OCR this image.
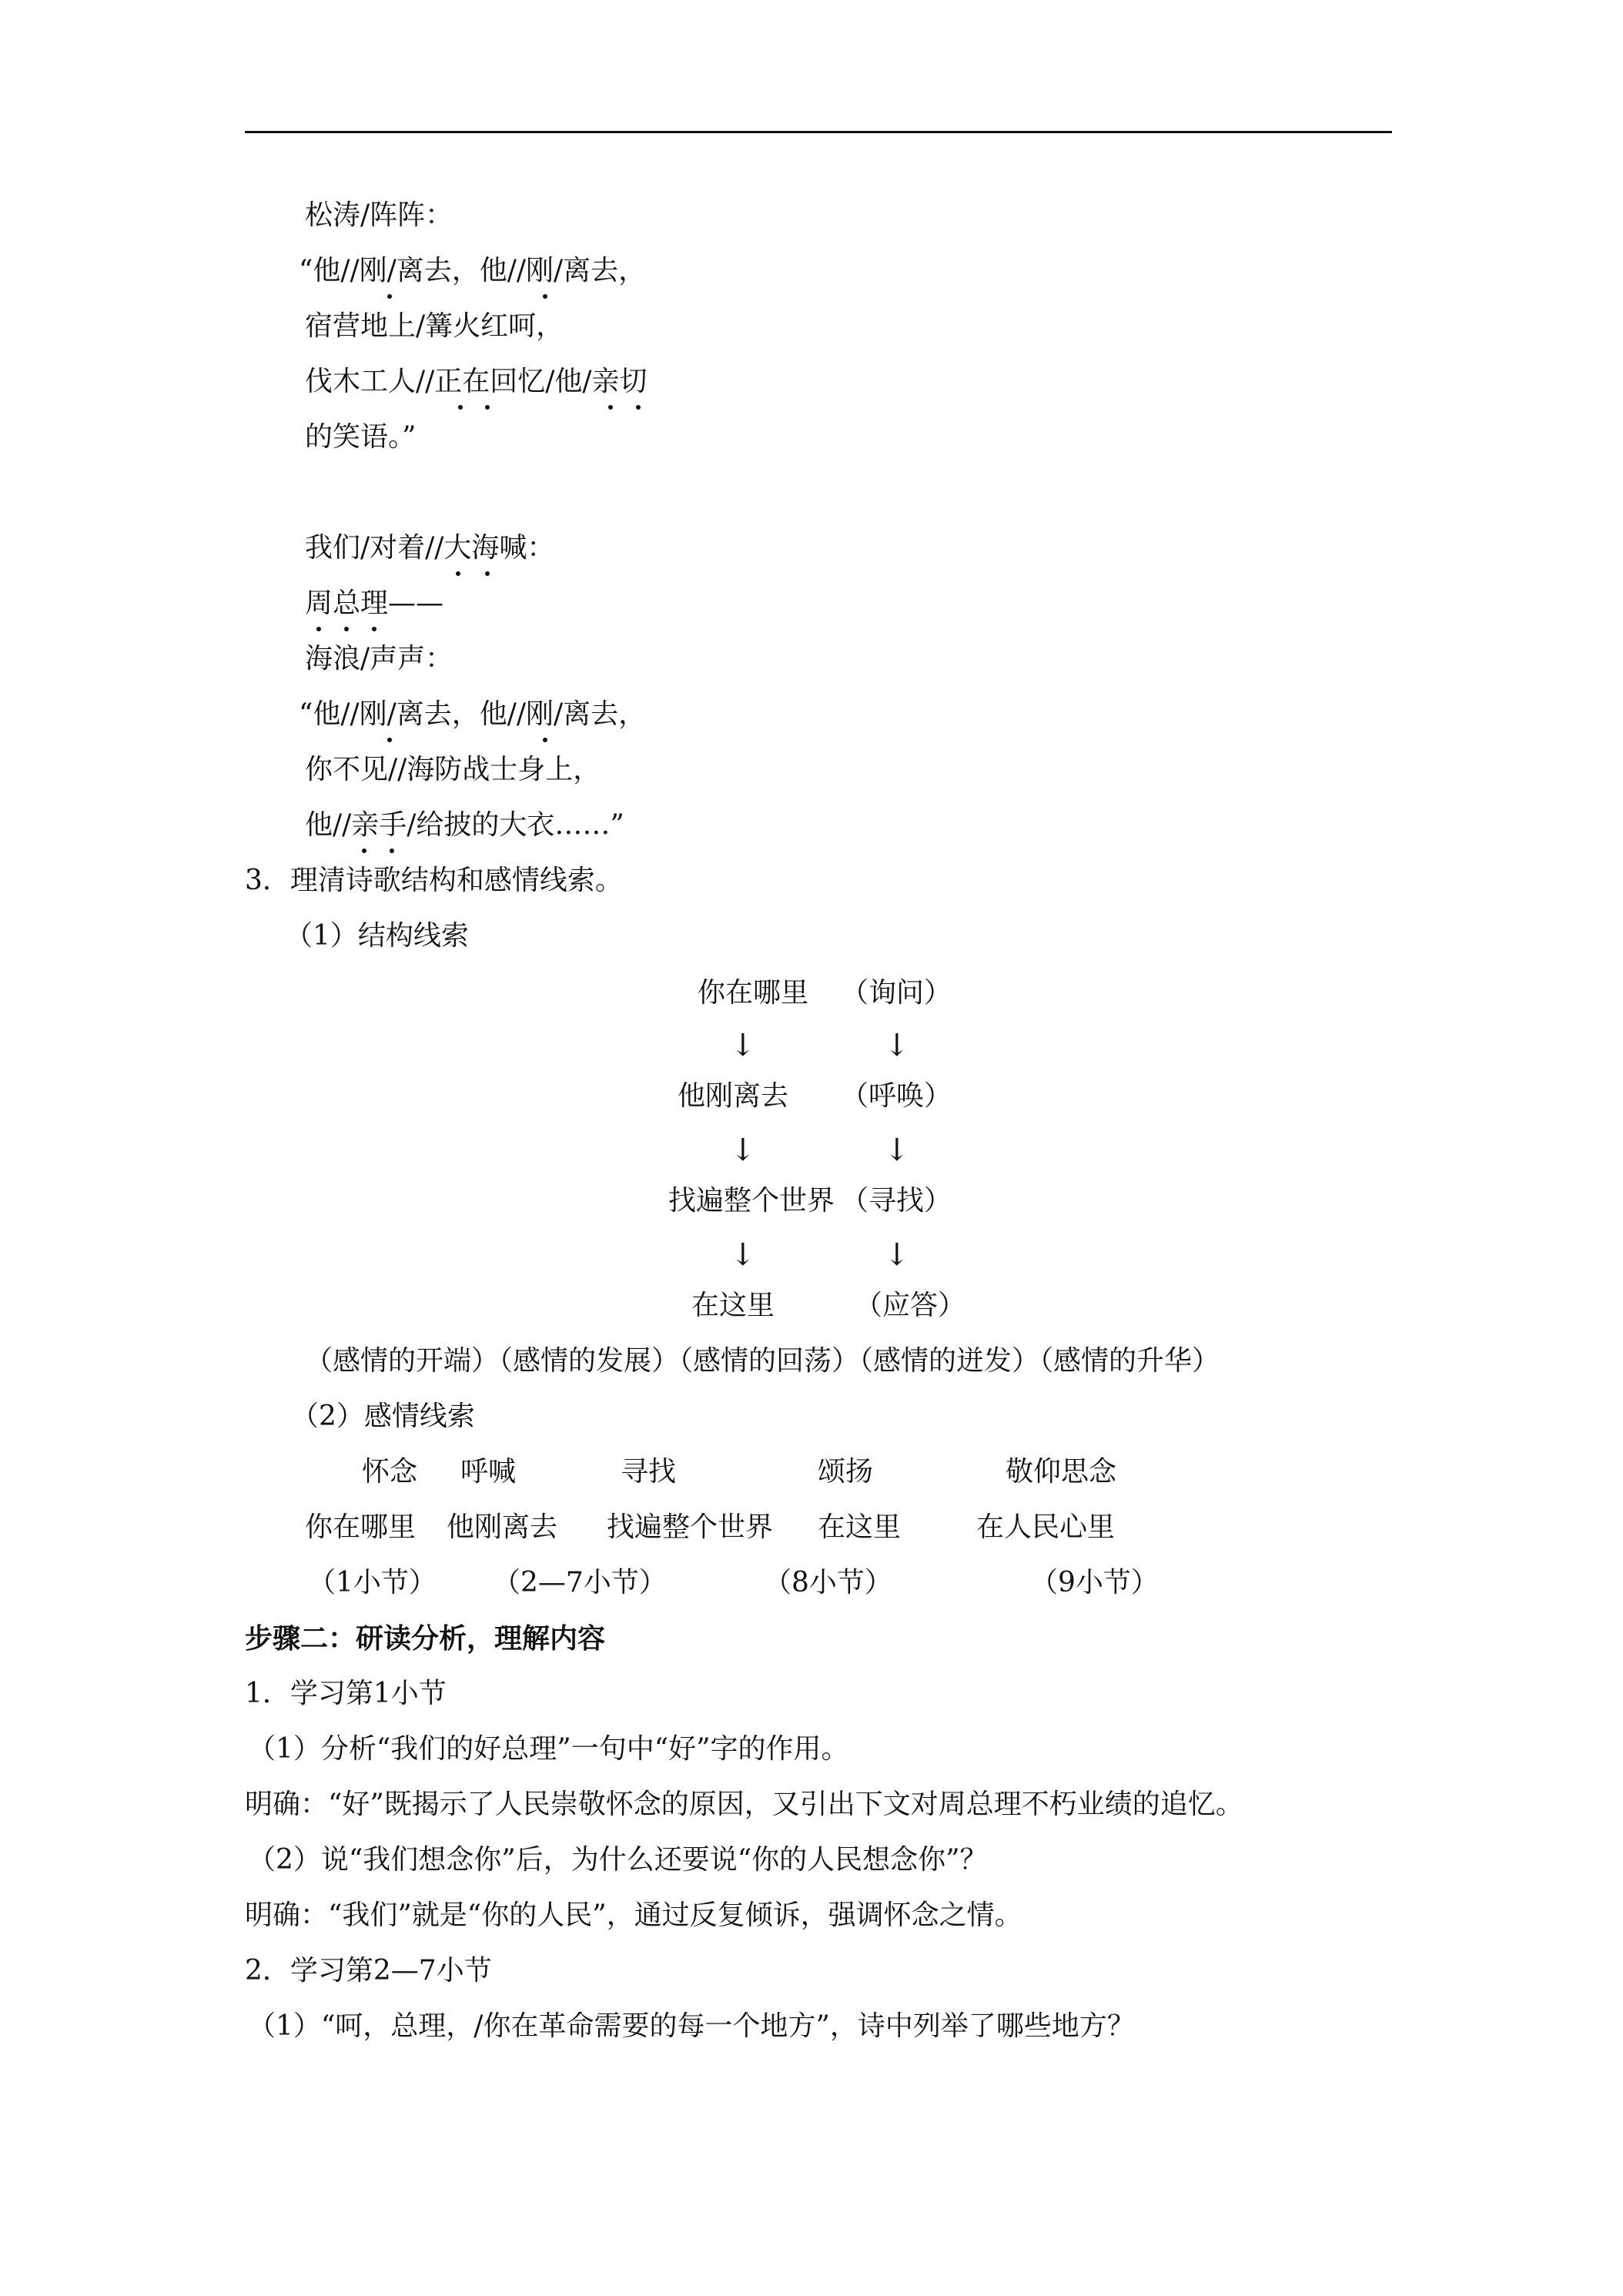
松涛/阵阵：
“他//刚/离去，他//刚/离去，
宿营地上/篝火红呵，
伐木工人//正在回忆/他/亲切
的笑语。”
我们/对着//大海喊：
周总理——
海浪/声声：
“他//刚/离去，他//刚/离去，
你不见//海防战士身上，
他//亲手/给披的大衣……”
3．理清诗歌结构和感情线索。
（1）结构线索
你在哪里 （询问）
↓	↓
他刚离去 （呼唤）
↓	↓
找遍整个世界 （寻找）
↓	↓
在这里	（应答）
（感情的开端）（感情的发展）（感情的回荡）（感情的迸发）（感情的升华）
（2）感情线索
怀念 呼喊	寻找	颂扬	敬仰思念
你在哪里 他刚离去 找遍整个世界 在这里	在人民心里
（1小节） （2—7小节）	（8小节）	（9小节）
步骤二：研读分析，理解内容
1．学习第1小节
（1）分析“我们的好总理”一句中“好”字的作用。
明确：“好”既揭示了人民崇敬怀念的原因，又引出下文对周总理不朽业绩的追忆。
（2）说“我们想念你”后，为什么还要说“你的人民想念你”？
明确：“我们”就是“你的人民”，通过反复倾诉，强调怀念之情。
2．学习第2—7小节
（1）“呵，总理，/你在革命需要的每一个地方”，诗中列举了哪些地方？
